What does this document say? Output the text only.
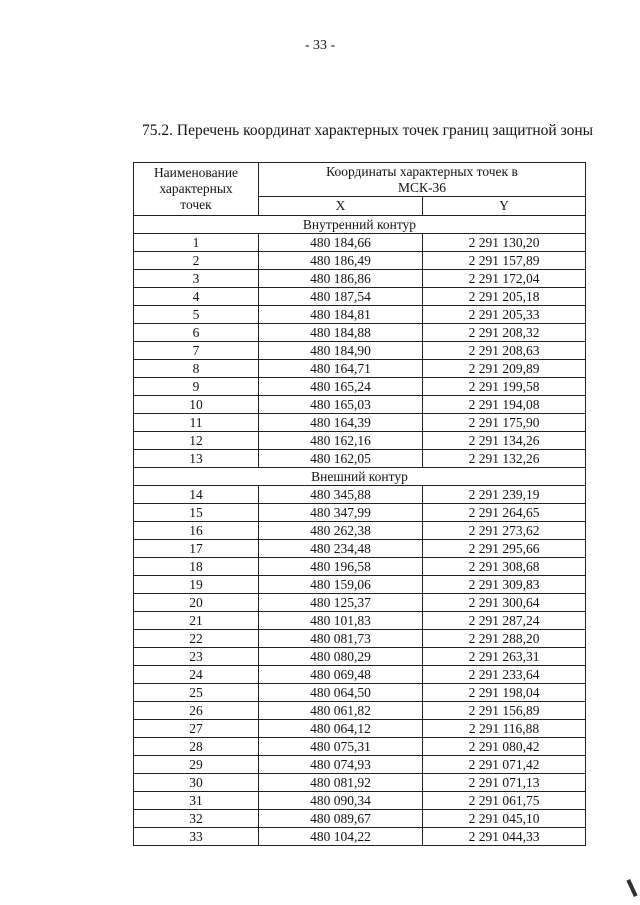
- 33 -
75.2. Перечень координат характерных точек границ защитной зоны
Наименование характерных точек	Координаты характерных точек в МСК-36	
	X	Y
Внутренний контур		
1	480 184,66	2 291 130,20
2	480 186,49	2 291 157,89
3	480 186,86	2 291 172,04
4	480 187,54	2 291 205,18
5	480 184,81	2 291 205,33
6	480 184,88	2 291 208,32
7	480 184,90	2 291 208,63
8	480 164,71	2 291 209,89
9	480 165,24	2 291 199,58
10	480 165,03	2 291 194,08
11	480 164,39	2 291 175,90
12	480 162,16	2 291 134,26
13	480 162,05	2 291 132,26
Внешний контур		
14	480 345,88	2 291 239,19
15	480 347,99	2 291 264,65
16	480 262,38	2 291 273,62
17	480 234,48	2 291 295,66
18	480 196,58	2 291 308,68
19	480 159,06	2 291 309,83
20	480 125,37	2 291 300,64
21	480 101,83	2 291 287,24
22	480 081,73	2 291 288,20
23	480 080,29	2 291 263,31
24	480 069,48	2 291 233,64
25	480 064,50	2 291 198,04
26	480 061,82	2 291 156,89
27	480 064,12	2 291 116,88
28	480 075,31	2 291 080,42
29	480 074,93	2 291 071,42
30	480 081,92	2 291 071,13
31	480 090,34	2 291 061,75
32	480 089,67	2 291 045,10
33	480 104,22	2 291 044,33
